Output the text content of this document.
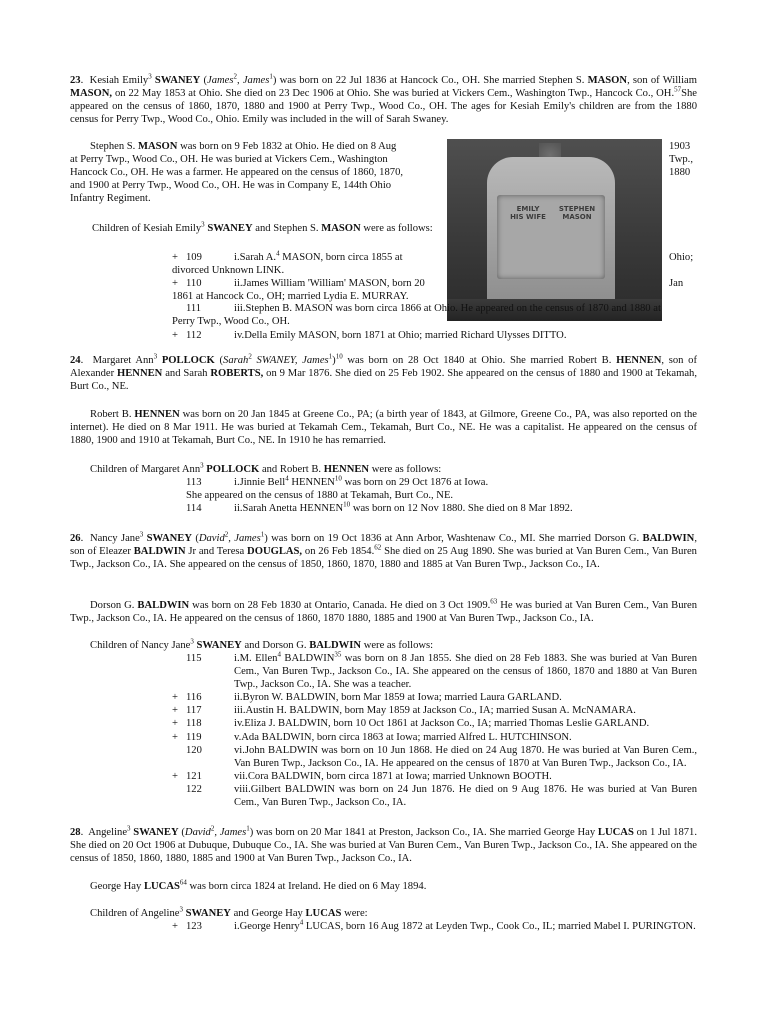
23.  Kesiah Emily$^3$ SWANEY (James$^2$, James$^1$) was born on 22 Jul 1836 at Hancock Co., OH. She married Stephen S. MASON, son of William MASON, on 22 May 1853 at Ohio. She died on 23 Dec 1906 at Ohio. She was buried at Vickers Cem., Washington Twp., Hancock Co., OH.$^{57}$She appeared on the census of 1860, 1870, 1880 and 1900 at Perry Twp., Wood Co., OH. The ages for Kesiah Emily's children are from the 1880 census for Perry Twp., Wood Co., Ohio. Emily was included in the will of Sarah Swaney.
Stephen S. MASON was born on 9 Feb 1832 at Ohio. He died on 8 Aug
at Perry Twp., Wood Co., OH. He was buried at Vickers Cem., Washington
Hancock Co., OH. He was a farmer. He appeared on the census of 1860, 1870,
and 1900 at Perry Twp., Wood Co., OH. He was in Company E, 144th Ohio
Infantry Regiment.
1903
Twp.,
1880
EMILY
HIS WIFE
STEPHEN
MASON
Children of Kesiah Emily$^3$ SWANEY and Stephen S. MASON were as follows:
+ 109	i.Sarah A.$^4$ MASON, born circa 1855 at	Ohio;
divorced Unknown LINK.
+ 110	ii.James William 'William' MASON, born 20	Jan
1861 at Hancock Co., OH; married Lydia E. MURRAY.
111	iii.Stephen B. MASON was born circa 1866 at Ohio. He appeared on the census of 1870 and 1880 at
Perry Twp., Wood Co., OH.
+ 112	iv.Della Emily MASON, born 1871 at Ohio; married Richard Ulysses DITTO.
24.  Margaret Ann$^3$ POLLOCK (Sarah$^2$ SWANEY, James$^1$)$^{10}$ was born on 28 Oct 1840 at Ohio. She married Robert B. HENNEN, son of Alexander HENNEN and Sarah ROBERTS, on 9 Mar 1876. She died on 25 Feb 1902. She appeared on the census of 1880 and 1900 at Tekamah, Burt Co., NE.
Robert B. HENNEN was born on 20 Jan 1845 at Greene Co., PA; (a birth year of 1843, at Gilmore, Greene Co., PA, was also reported on the internet). He died on 8 Mar 1911. He was buried at Tekamah Cem., Tekamah, Burt Co., NE. He was a capitalist. He appeared on the census of 1880, 1900 and 1910 at Tekamah, Burt Co., NE. In 1910 he has remarried.
Children of Margaret Ann$^3$ POLLOCK and Robert B. HENNEN were as follows:
113	i.Jinnie Bell$^4$ HENNEN$^{10}$ was born on 29 Oct 1876 at Iowa.
She appeared on the census of 1880 at Tekamah, Burt Co., NE.
114	ii.Sarah Anetta HENNEN$^{10}$ was born on 12 Nov 1880. She died on 8 Mar 1892.
26.  Nancy Jane$^3$ SWANEY (David$^2$, James$^1$) was born on 19 Oct 1836 at Ann Arbor, Washtenaw Co., MI. She married Dorson G. BALDWIN, son of Eleazer BALDWIN Jr and Teresa DOUGLAS, on 26 Feb 1854.62 She died on 25 Aug 1890. She was buried at Van Buren Cem., Van Buren Twp., Jackson Co., IA. She appeared on the census of 1850, 1860, 1870, 1880 and 1885 at Van Buren Twp., Jackson Co., IA.
Dorson G. BALDWIN was born on 28 Feb 1830 at Ontario, Canada. He died on 3 Oct 1909.63 He was buried at Van Buren Cem., Van Buren Twp., Jackson Co., IA. He appeared on the census of 1860, 1870 1880, 1885 and 1900 at Van Buren Twp., Jackson Co., IA.
Children of Nancy Jane$^3$ SWANEY and Dorson G. BALDWIN were as follows:
115	i.M. Ellen$^4$ BALDWIN$^{35}$ was born on 8 Jan 1855. She died on 28 Feb 1883. She was buried at Van Buren Cem., Van Buren Twp., Jackson Co., IA. She appeared on the census of 1860, 1870 and 1880 at Van Buren Twp., Jackson Co., IA. She was a teacher.
+ 116	ii.Byron W. BALDWIN, born Mar 1859 at Iowa; married Laura GARLAND.
+ 117	iii.Austin H. BALDWIN, born May 1859 at Jackson Co., IA; married Susan A. McNAMARA.
+ 118	iv.Eliza J. BALDWIN, born 10 Oct 1861 at Jackson Co., IA; married Thomas Leslie GARLAND.
+ 119	v.Ada BALDWIN, born circa 1863 at Iowa; married Alfred L. HUTCHINSON.
120	vi.John BALDWIN was born on 10 Jun 1868. He died on 24 Aug 1870. He was buried at Van Buren Cem., Van Buren Twp., Jackson Co., IA. He appeared on the census of 1870 at Van Buren Twp., Jackson Co., IA.
+ 121	vii.Cora BALDWIN, born circa 1871 at Iowa; married Unknown BOOTH.
122	viii.Gilbert BALDWIN was born on 24 Jun 1876. He died on 9 Aug 1876. He was buried at Van Buren Cem., Van Buren Twp., Jackson Co., IA.
28.  Angeline$^3$ SWANEY (David$^2$, James$^1$) was born on 20 Mar 1841 at Preston, Jackson Co., IA. She married George Hay LUCAS on 1 Jul 1871. She died on 20 Oct 1906 at Dubuque, Dubuque Co., IA. She was buried at Van Buren Cem., Van Buren Twp., Jackson Co., IA. She appeared on the census of 1850, 1860, 1880, 1885 and 1900 at Van Buren Twp., Jackson Co., IA.
George Hay LUCAS$^{64}$ was born circa 1824 at Ireland. He died on 6 May 1894.
Children of Angeline$^3$ SWANEY and George Hay LUCAS were:
+ 123	i.George Henry$^4$ LUCAS, born 16 Aug 1872 at Leyden Twp., Cook Co., IL; married Mabel I. PURINGTON.
